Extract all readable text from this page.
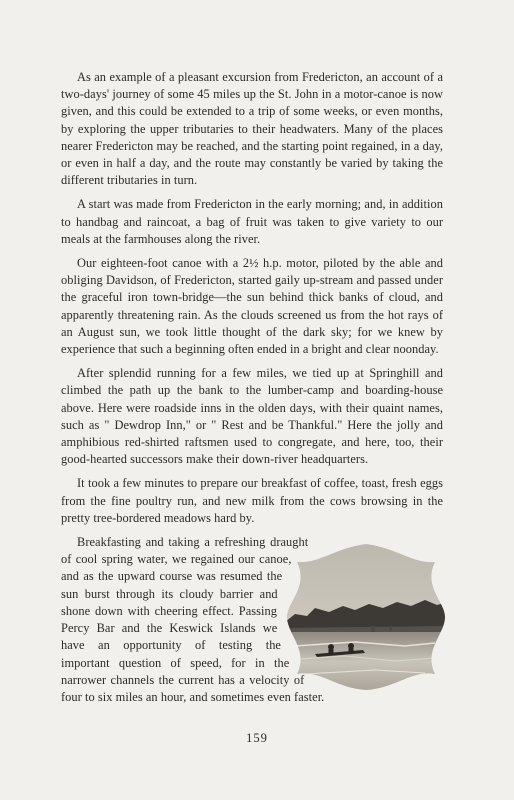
As an example of a pleasant excursion from Fredericton, an account of a two-days' journey of some 45 miles up the St. John in a motor-canoe is now given, and this could be extended to a trip of some weeks, or even months, by exploring the upper tributaries to their headwaters. Many of the places nearer Fredericton may be reached, and the starting point regained, in a day, or even in half a day, and the route may constantly be varied by taking the different tributaries in turn.

A start was made from Fredericton in the early morning; and, in addition to handbag and raincoat, a bag of fruit was taken to give variety to our meals at the farmhouses along the river.

Our eighteen-foot canoe with a 2½ h.p. motor, piloted by the able and obliging Davidson, of Fredericton, started gaily up-stream and passed under the graceful iron town-bridge—the sun behind thick banks of cloud, and apparently threatening rain. As the clouds screened us from the hot rays of an August sun, we took little thought of the dark sky; for we knew by experience that such a beginning often ended in a bright and clear noonday.

After splendid running for a few miles, we tied up at Springhill and climbed the path up the bank to the lumber-camp and boarding-house above. Here were roadside inns in the olden days, with their quaint names, such as " Dewdrop Inn," or " Rest and be Thankful." Here the jolly and amphibious red-shirted raftsmen used to congregate, and here, too, their good-hearted successors make their down-river headquarters.

It took a few minutes to prepare our breakfast of coffee, toast, fresh eggs from the fine poultry run, and new milk from the cows browsing in the pretty tree-bordered meadows hard by.

Breakfasting and taking a refreshing draught of cool spring water, we regained our canoe, and as the upward course was resumed the sun burst through its cloudy barrier and shone down with cheering effect. Passing Percy Bar and the Keswick Islands we have an opportunity of testing the important question of speed, for in the narrower channels the current has a velocity of four to six miles an hour, and sometimes even faster.

159
